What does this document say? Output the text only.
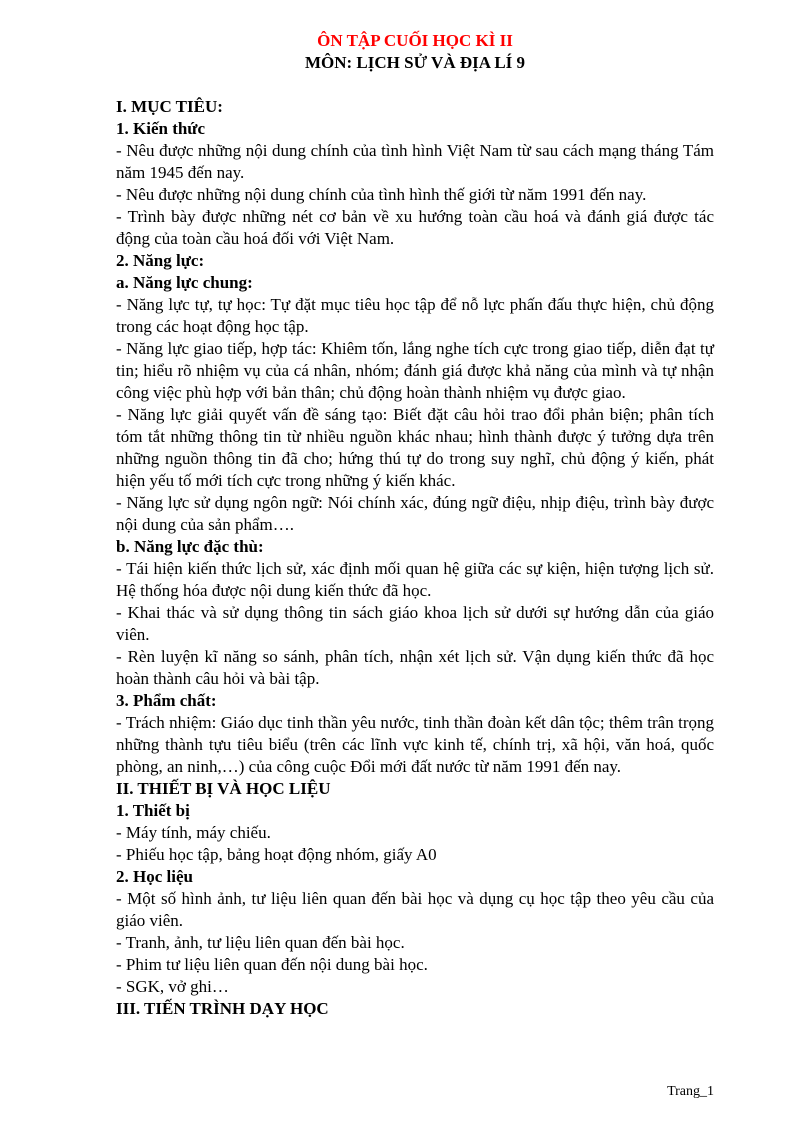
ÔN TẬP CUỐI HỌC KÌ II
MÔN: LỊCH SỬ VÀ ĐỊA LÍ 9
I. MỤC TIÊU:
1. Kiến thức
- Nêu được những nội dung chính của tình hình Việt Nam từ sau cách mạng tháng Tám năm 1945 đến nay.
- Nêu được những nội dung chính của tình hình thế giới từ năm 1991 đến nay.
- Trình bày được những nét cơ bản về xu hướng toàn cầu hoá và đánh giá được tác động của toàn cầu hoá đối với Việt Nam.
2. Năng lực:
a. Năng lực chung:
- Năng lực tự, tự học: Tự đặt mục tiêu học tập để nỗ lực phấn đấu thực hiện, chủ động trong các hoạt động học tập.
- Năng lực giao tiếp, hợp tác: Khiêm tốn, lắng nghe tích cực trong giao tiếp, diễn đạt tự tin; hiểu rõ nhiệm vụ của cá nhân, nhóm; đánh giá được khả năng của mình và tự nhận công việc phù hợp với bản thân; chủ động hoàn thành nhiệm vụ được giao.
- Năng lực giải quyết vấn đề sáng tạo: Biết đặt câu hỏi trao đổi phản biện; phân tích tóm tắt những thông tin từ nhiều nguồn khác nhau; hình thành được ý tưởng dựa trên những nguồn thông tin đã cho; hứng thú tự do trong suy nghĩ, chủ động ý kiến, phát hiện yếu tố mới tích cực trong những ý kiến khác.
- Năng lực sử dụng ngôn ngữ: Nói chính xác, đúng ngữ điệu, nhịp điệu, trình bày được nội dung của sản phẩm….
b. Năng lực đặc thù:
- Tái hiện kiến thức lịch sử, xác định mối quan hệ giữa các sự kiện, hiện tượng lịch sử. Hệ thống hóa được nội dung kiến thức đã học.
- Khai thác và sử dụng thông tin sách giáo khoa lịch sử dưới sự hướng dẫn của giáo viên.
- Rèn luyện kĩ năng so sánh, phân tích, nhận xét lịch sử. Vận dụng kiến thức đã học hoàn thành câu hỏi và bài tập.
3. Phẩm chất:
- Trách nhiệm: Giáo dục tinh thần yêu nước, tinh thần đoàn kết dân tộc; thêm trân trọng những thành tựu tiêu biểu (trên các lĩnh vực kinh tế, chính trị, xã hội, văn hoá, quốc phòng, an ninh,…) của công cuộc Đổi mới đất nước từ năm 1991 đến nay.
II. THIẾT BỊ VÀ HỌC LIỆU
1. Thiết bị
- Máy tính, máy chiếu.
- Phiếu học tập, bảng hoạt động nhóm, giấy A0
2. Học liệu
- Một số hình ảnh, tư liệu liên quan đến bài học và dụng cụ học tập theo yêu cầu của giáo viên.
- Tranh, ảnh, tư liệu liên quan đến bài học.
- Phim tư liệu liên quan đến nội dung bài học.
- SGK, vở ghi…
III. TIẾN TRÌNH DẠY HỌC
Trang_1
